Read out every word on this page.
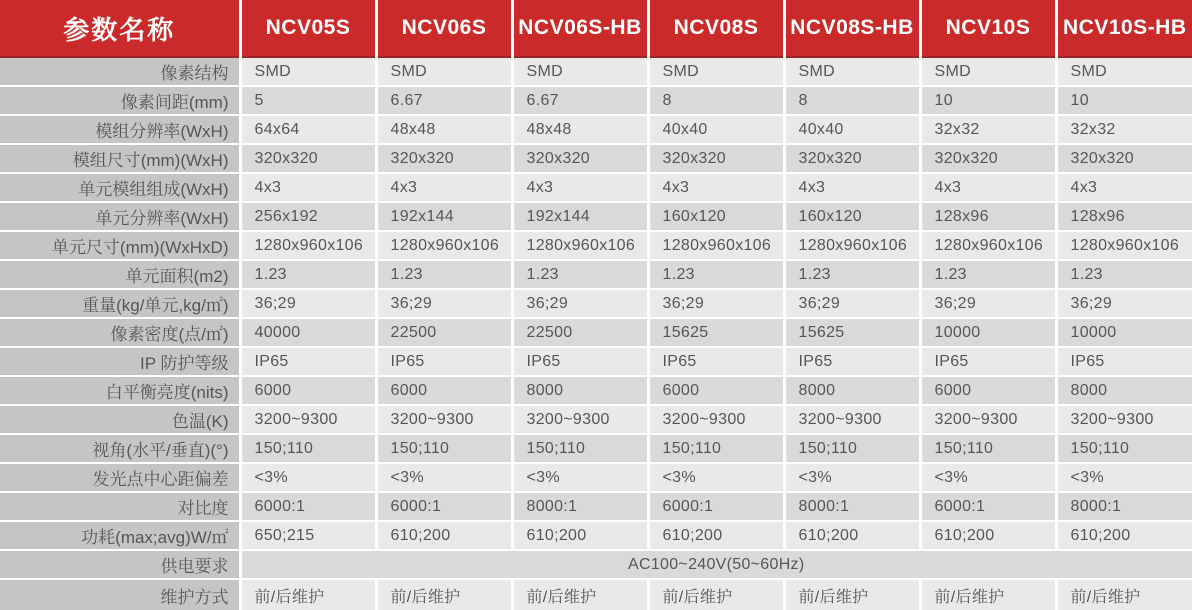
参数名称	NCV05S	NCV06S	NCV06S-HB	NCV08S	NCV08S-HB	NCV10S	NCV10S-HB
像素结构	SMD	SMD	SMD	SMD	SMD	SMD	SMD
像素间距(mm)	5	6.67	6.67	8	8	10	10
模组分辨率(WxH)	64x64	48x48	48x48	40x40	40x40	32x32	32x32
模组尺寸(mm)(WxH)	320x320	320x320	320x320	320x320	320x320	320x320	320x320
单元模组组成(WxH)	4x3	4x3	4x3	4x3	4x3	4x3	4x3
单元分辨率(WxH)	256x192	192x144	192x144	160x120	160x120	128x96	128x96
单元尺寸(mm)(WxHxD)	1280x960x106	1280x960x106	1280x960x106	1280x960x106	1280x960x106	1280x960x106	1280x960x106
单元面积(m2)	1.23	1.23	1.23	1.23	1.23	1.23	1.23
重量(kg/单元,kg/㎡)	36;29	36;29	36;29	36;29	36;29	36;29	36;29
像素密度(点/㎡)	40000	22500	22500	15625	15625	10000	10000
IP 防护等级	IP65	IP65	IP65	IP65	IP65	IP65	IP65
白平衡亮度(nits)	6000	6000	8000	6000	8000	6000	8000
色温(K)	3200~9300	3200~9300	3200~9300	3200~9300	3200~9300	3200~9300	3200~9300
视角(水平/垂直)(°)	150;110	150;110	150;110	150;110	150;110	150;110	150;110
发光点中心距偏差	<3%	<3%	<3%	<3%	<3%	<3%	<3%
对比度	6000:1	6000:1	8000:1	6000:1	8000:1	6000:1	8000:1
功耗(max;avg)W/㎡	650;215	610;200	610;200	610;200	610;200	610;200	610;200
供电要求	AC100~240V(50~60Hz)						
维护方式	前/后维护	前/后维护	前/后维护	前/后维护	前/后维护	前/后维护	前/后维护
